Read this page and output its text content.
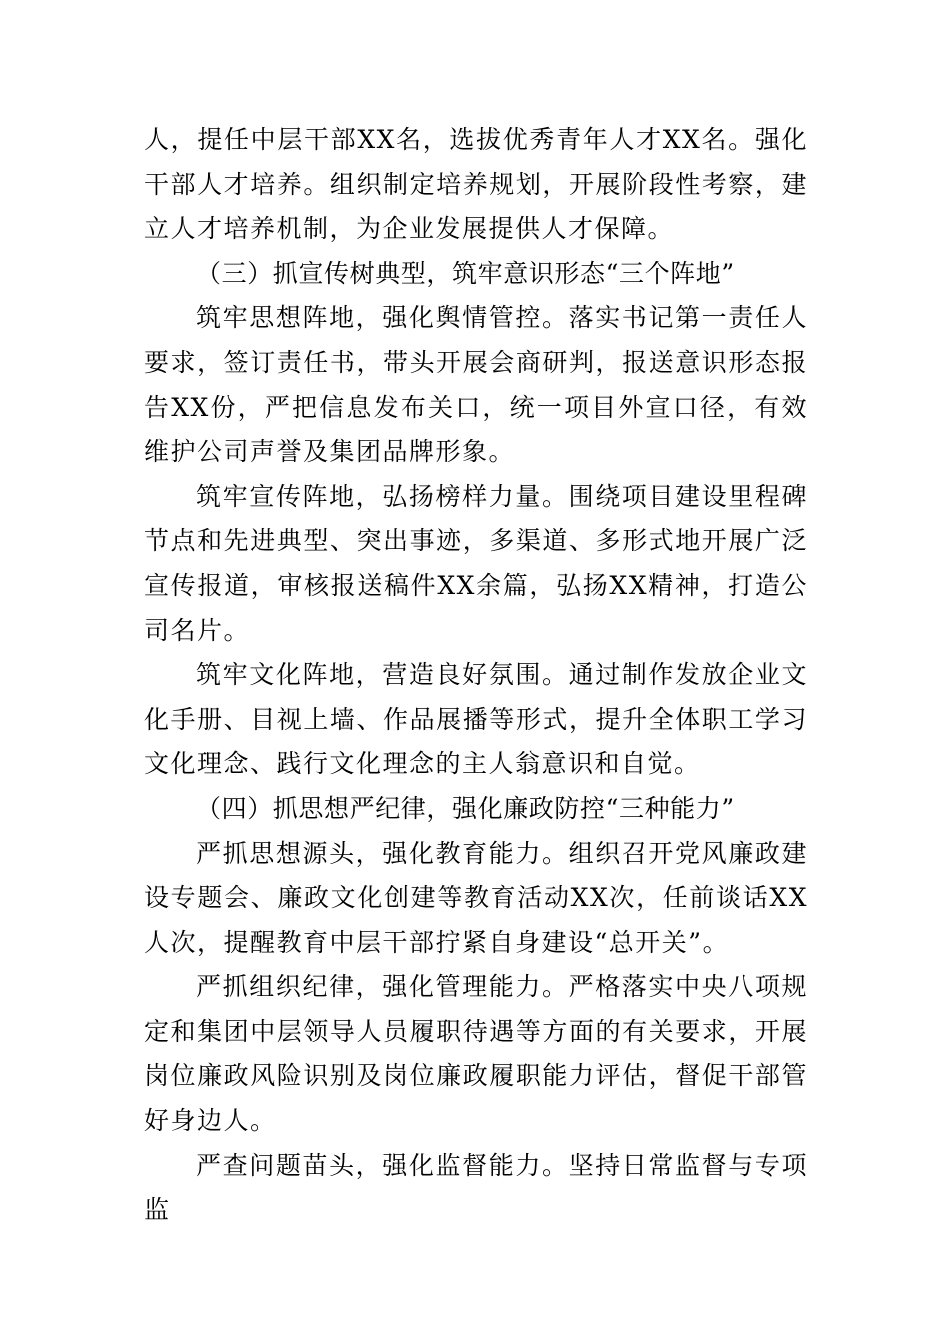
人，提任中层干部XX名，选拔优秀青年人才XX名。强化干部人才培养。组织制定培养规划，开展阶段性考察，建立人才培养机制，为企业发展提供人才保障。

（三）抓宣传树典型，筑牢意识形态“三个阵地”

筑牢思想阵地，强化舆情管控。落实书记第一责任人要求，签订责任书，带头开展会商研判，报送意识形态报告XX份，严把信息发布关口，统一项目外宣口径，有效维护公司声誉及集团品牌形象。

筑牢宣传阵地，弘扬榜样力量。围绕项目建设里程碑节点和先进典型、突出事迹，多渠道、多形式地开展广泛宣传报道，审核报送稿件XX余篇，弘扬XX精神，打造公司名片。

筑牢文化阵地，营造良好氛围。通过制作发放企业文化手册、目视上墙、作品展播等形式，提升全体职工学习文化理念、践行文化理念的主人翁意识和自觉。

（四）抓思想严纪律，强化廉政防控“三种能力”

严抓思想源头，强化教育能力。组织召开党风廉政建设专题会、廉政文化创建等教育活动XX次，任前谈话XX人次，提醒教育中层干部拧紧自身建设“总开关”。

严抓组织纪律，强化管理能力。严格落实中央八项规定和集团中层领导人员履职待遇等方面的有关要求，开展岗位廉政风险识别及岗位廉政履职能力评估，督促干部管好身边人。

严查问题苗头，强化监督能力。坚持日常监督与专项监
